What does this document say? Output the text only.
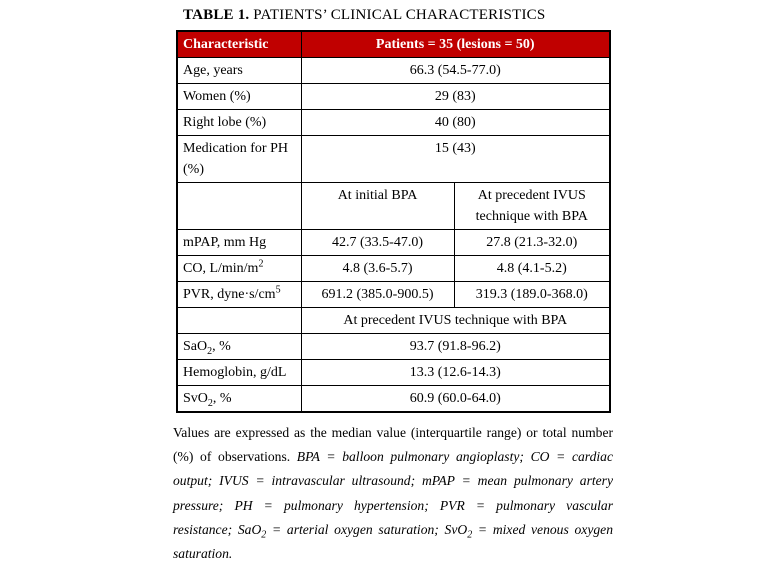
TABLE 1. PATIENTS’ CLINICAL CHARACTERISTICS
Characteristic	Patients = 35 (lesions = 50)	
Age, years	66.3 (54.5-77.0)	
Women (%)	29 (83)	
Right lobe (%)	40 (80)	
Medication for PH (%)	15 (43)	
	At initial BPA	At precedent IVUS technique with BPA
mPAP, mm Hg	42.7 (33.5-47.0)	27.8 (21.3-32.0)
CO, $L/\min/m^2$	4.8 (3.6-5.7)	4.8 (4.1-5.2)
PVR, $dyne\cdot s/cm^5$	691.2 (385.0-900.5)	319.3 (189.0-368.0)
	At precedent IVUS technique with BPA	
SaO$_2$, %	93.7 (91.8-96.2)	
Hemoglobin, g/dL	13.3 (12.6-14.3)	
SvO$_2$, %	60.9 (60.0-64.0)	
Values are expressed as the median value (interquartile range) or total number (%) of observations. BPA = balloon pulmonary angioplasty; CO = cardiac output; IVUS = intravascular ultrasound; mPAP = mean pulmonary artery pressure; PH = pulmonary hypertension; PVR = pulmonary vascular resistance; SaO$_2$ = arterial oxygen saturation; SvO$_2$ = mixed venous oxygen saturation.
